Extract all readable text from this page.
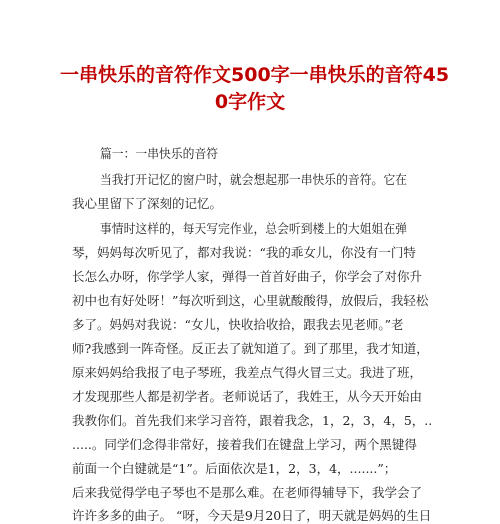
一串快乐的音符作文500字一串快乐的音符45
0字作文
篇一：一串快乐的音符
当我打开记忆的窗户时，就会想起那一串快乐的音符。它在
我心里留下了深刻的记忆。
事情时这样的，每天写完作业，总会听到楼上的大姐姐在弹
琴，妈妈每次听见了，都对我说：“我的乖女儿，你没有一门特
长怎么办呀，你学学人家，弹得一首首好曲子，你学会了对你升
初中也有好处呀！”每次听到这，心里就酸酸得，放假后，我轻松
多了。妈妈对我说：“女儿，快收拾收拾，跟我去见老师。”老
师?我感到一阵奇怪。反正去了就知道了。到了那里，我才知道，
原来妈妈给我报了电子琴班，我差点气得火冒三丈。我进了班，
才发现那些人都是初学者。老师说话了，我姓王，从今天开始由
我教你们。首先我们来学习音符，跟着我念，1，2，3，4，5，..
.....。同学们念得非常好，接着我们在键盘上学习，两个黑键得
前面一个白键就是“1”。后面依次是1，2，3，4，.......”；
后来我觉得学电子琴也不是那么难。在老师得辅导下，我学会了
许许多多的曲子。 “呀，今天是9月20日了，明天就是妈妈的生日
